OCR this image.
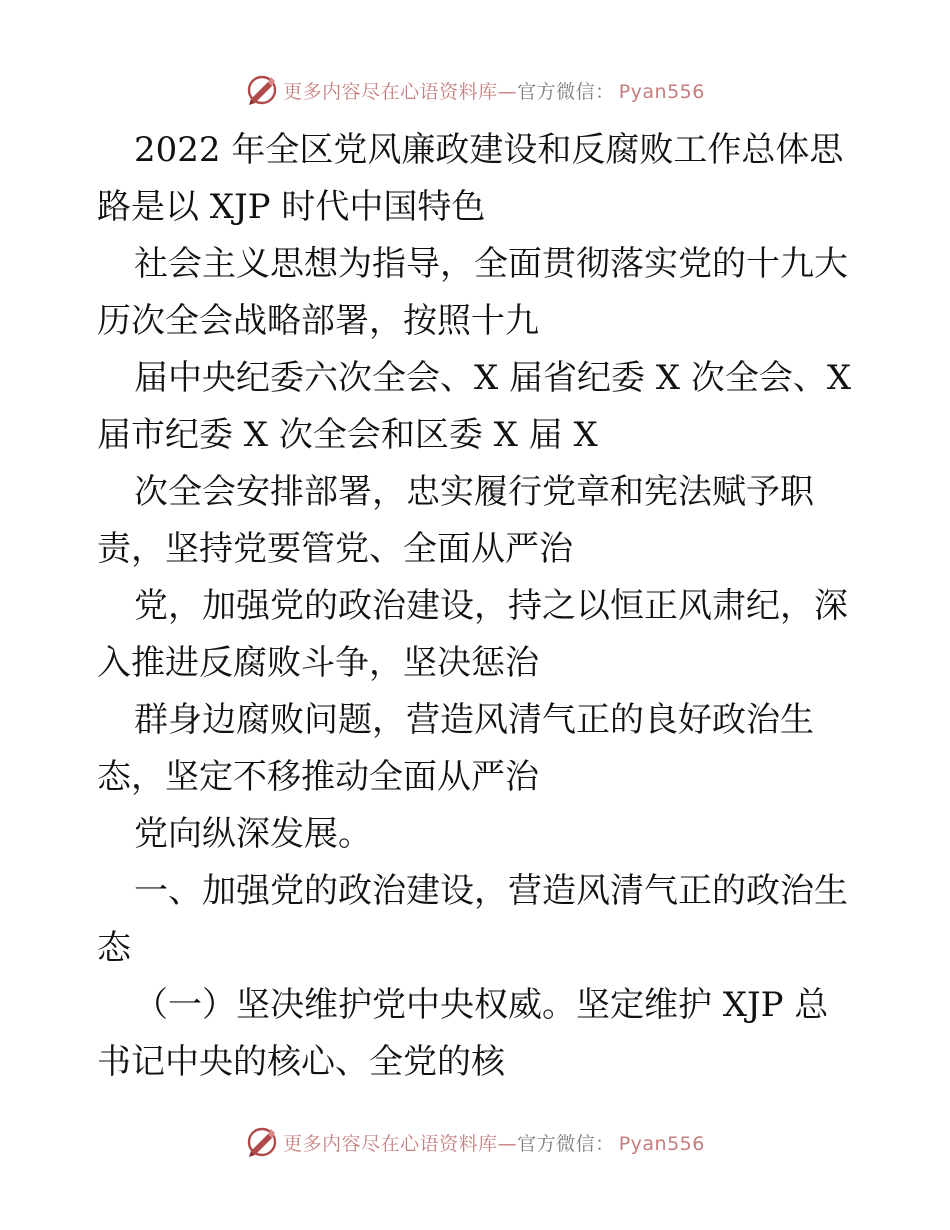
更多内容尽在心语资料库—官方微信： Pyan556
2022 年全区党风廉政建设和反腐败工作总体思
路是以 XJP 时代中国特色
社会主义思想为指导，全面贯彻落实党的十九大
历次全会战略部署，按照十九
届中央纪委六次全会、X 届省纪委 X 次全会、X
届市纪委 X 次全会和区委 X 届 X
次全会安排部署，忠实履行党章和宪法赋予职
责，坚持党要管党、全面从严治
党，加强党的政治建设，持之以恒正风肃纪，深
入推进反腐败斗争，坚决惩治
群身边腐败问题，营造风清气正的良好政治生
态，坚定不移推动全面从严治
党向纵深发展。
一、加强党的政治建设，营造风清气正的政治生
态
（一）坚决维护党中央权威。坚定维护 XJP 总
书记中央的核心、全党的核
更多内容尽在心语资料库—官方微信： Pyan556
